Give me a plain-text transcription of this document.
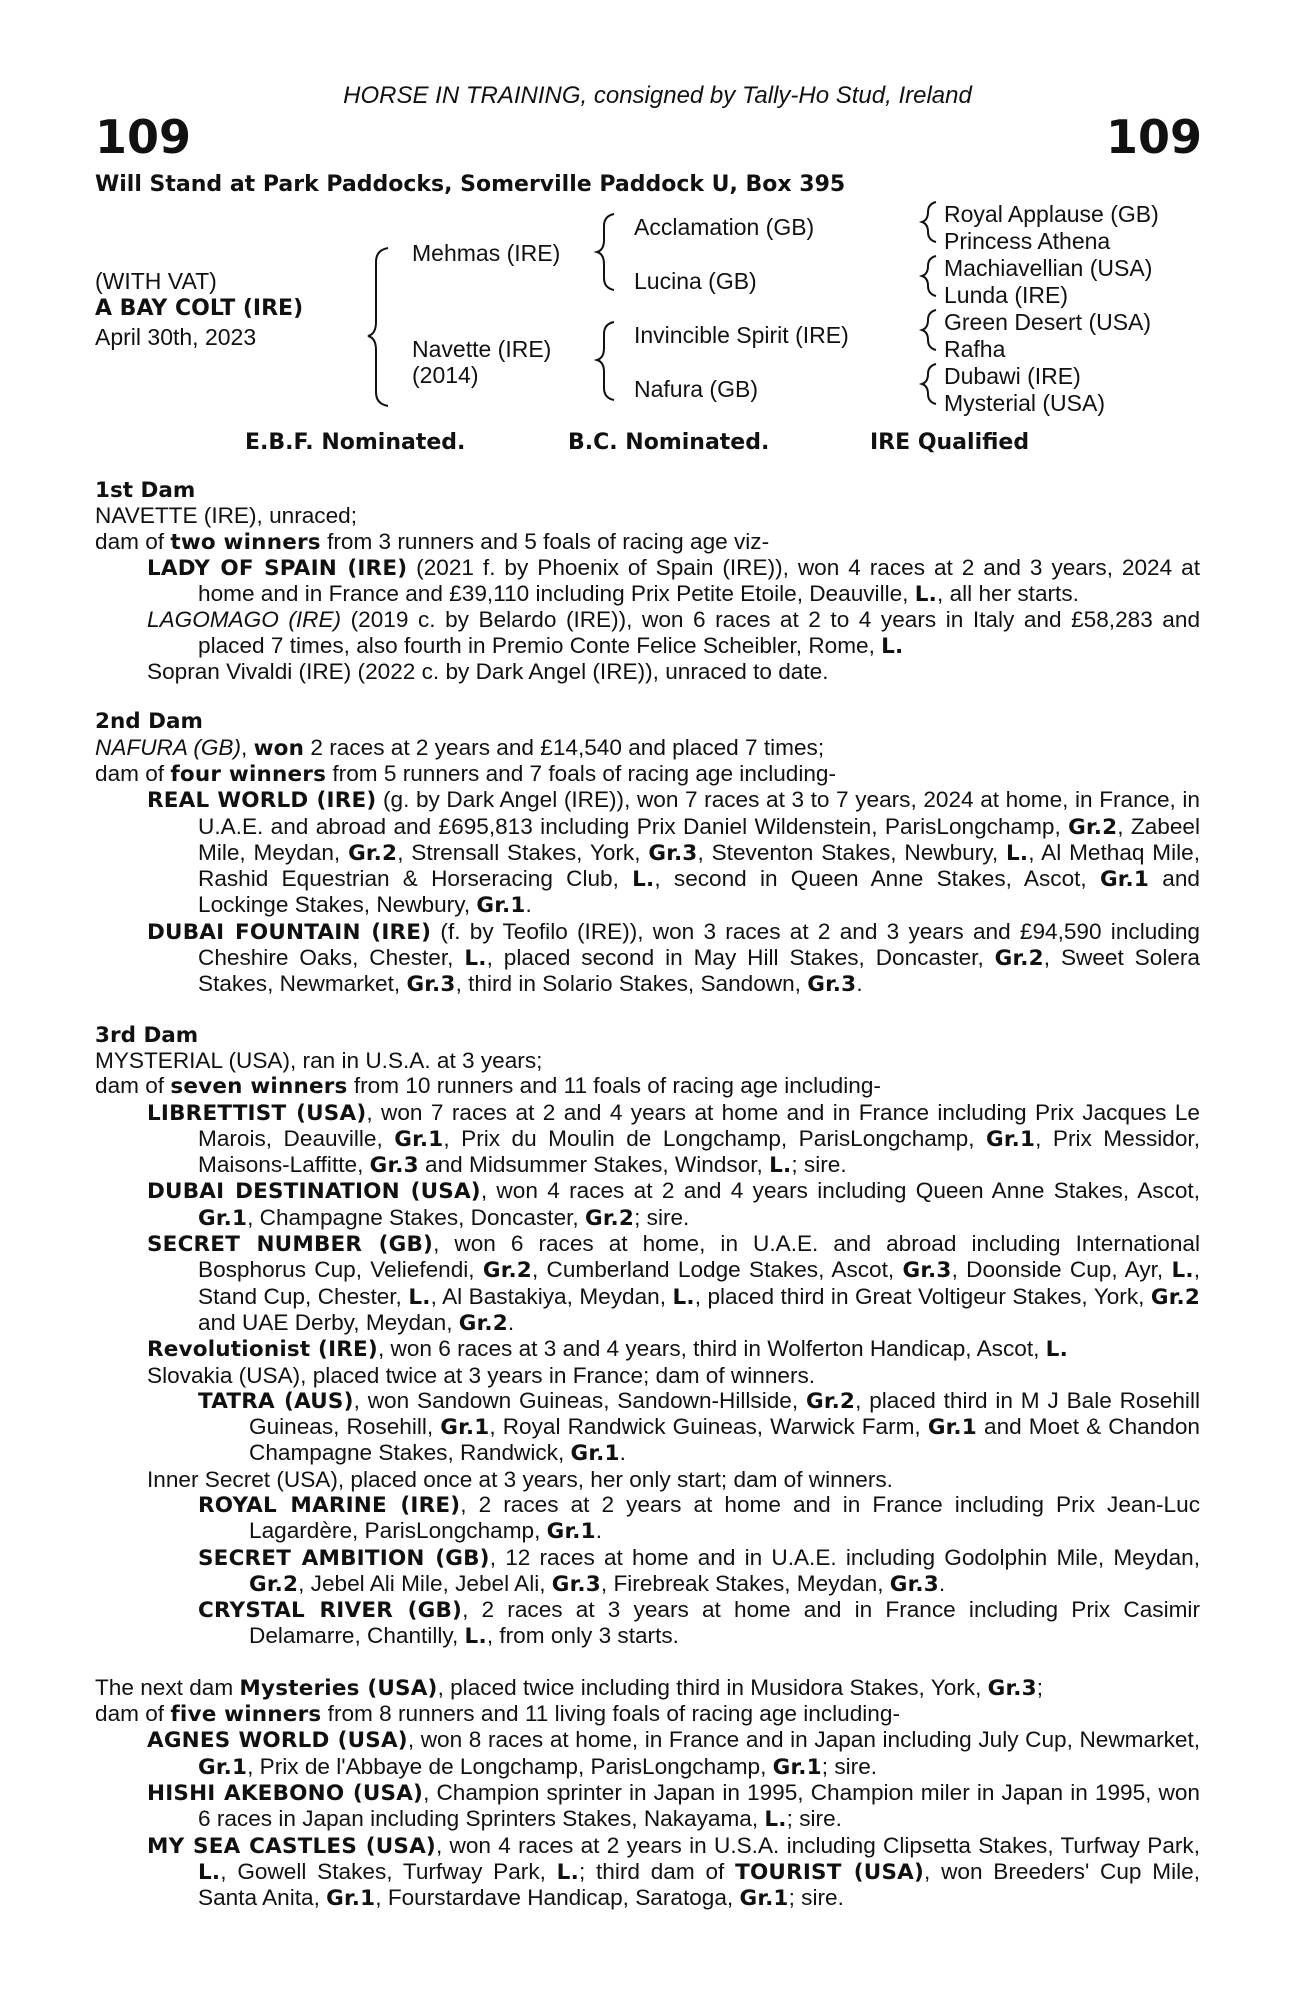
HORSE IN TRAINING, consigned by Tally-Ho Stud, Ireland
109	109
Will Stand at Park Paddocks, Somerville Paddock U, Box 395
(WITH VAT)
A BAY COLT (IRE)
April 30th, 2023
Mehmas (IRE)
Navette (IRE)
(2014)
Acclamation (GB)
Lucina (GB)
Invincible Spirit (IRE)
Nafura (GB)
Royal Applause (GB)
Princess Athena
Machiavellian (USA)
Lunda (IRE)
Green Desert (USA)
Rafha
Dubawi (IRE)
Mysterial (USA)
E.B.F. Nominated.	B.C. Nominated.	IRE Qualified
1st Dam
NAVETTE (IRE), unraced;
dam of two winners from 3 runners and 5 foals of racing age viz-
LADY OF SPAIN (IRE) (2021 f. by Phoenix of Spain (IRE)), won 4 races at 2 and 3 years, 2024 at home and in France and £39,110 including Prix Petite Etoile, Deauville, L., all her starts.
LAGOMAGO (IRE) (2019 c. by Belardo (IRE)), won 6 races at 2 to 4 years in Italy and £58,283 and placed 7 times, also fourth in Premio Conte Felice Scheibler, Rome, L.
Sopran Vivaldi (IRE) (2022 c. by Dark Angel (IRE)), unraced to date.
2nd Dam
NAFURA (GB), won 2 races at 2 years and £14,540 and placed 7 times;
dam of four winners from 5 runners and 7 foals of racing age including-
REAL WORLD (IRE) (g. by Dark Angel (IRE)), won 7 races at 3 to 7 years, 2024 at home, in France, in U.A.E. and abroad and £695,813 including Prix Daniel Wildenstein, ParisLongchamp, Gr.2, Zabeel Mile, Meydan, Gr.2, Strensall Stakes, York, Gr.3, Steventon Stakes, Newbury, L., Al Methaq Mile, Rashid Equestrian & Horseracing Club, L., second in Queen Anne Stakes, Ascot, Gr.1 and Lockinge Stakes, Newbury, Gr.1.
DUBAI FOUNTAIN (IRE) (f. by Teofilo (IRE)), won 3 races at 2 and 3 years and £94,590 including Cheshire Oaks, Chester, L., placed second in May Hill Stakes, Doncaster, Gr.2, Sweet Solera Stakes, Newmarket, Gr.3, third in Solario Stakes, Sandown, Gr.3.
3rd Dam
MYSTERIAL (USA), ran in U.S.A. at 3 years;
dam of seven winners from 10 runners and 11 foals of racing age including-
LIBRETTIST (USA), won 7 races at 2 and 4 years at home and in France including Prix Jacques Le Marois, Deauville, Gr.1, Prix du Moulin de Longchamp, ParisLongchamp, Gr.1, Prix Messidor, Maisons-Laffitte, Gr.3 and Midsummer Stakes, Windsor, L.; sire.
DUBAI DESTINATION (USA), won 4 races at 2 and 4 years including Queen Anne Stakes, Ascot, Gr.1, Champagne Stakes, Doncaster, Gr.2; sire.
SECRET NUMBER (GB), won 6 races at home, in U.A.E. and abroad including International Bosphorus Cup, Veliefendi, Gr.2, Cumberland Lodge Stakes, Ascot, Gr.3, Doonside Cup, Ayr, L., Stand Cup, Chester, L., Al Bastakiya, Meydan, L., placed third in Great Voltigeur Stakes, York, Gr.2 and UAE Derby, Meydan, Gr.2.
Revolutionist (IRE), won 6 races at 3 and 4 years, third in Wolferton Handicap, Ascot, L.
Slovakia (USA), placed twice at 3 years in France; dam of winners.
TATRA (AUS), won Sandown Guineas, Sandown-Hillside, Gr.2, placed third in M J Bale Rosehill Guineas, Rosehill, Gr.1, Royal Randwick Guineas, Warwick Farm, Gr.1 and Moet & Chandon Champagne Stakes, Randwick, Gr.1.
Inner Secret (USA), placed once at 3 years, her only start; dam of winners.
ROYAL MARINE (IRE), 2 races at 2 years at home and in France including Prix Jean-Luc Lagardère, ParisLongchamp, Gr.1.
SECRET AMBITION (GB), 12 races at home and in U.A.E. including Godolphin Mile, Meydan, Gr.2, Jebel Ali Mile, Jebel Ali, Gr.3, Firebreak Stakes, Meydan, Gr.3.
CRYSTAL RIVER (GB), 2 races at 3 years at home and in France including Prix Casimir Delamarre, Chantilly, L., from only 3 starts.
The next dam Mysteries (USA), placed twice including third in Musidora Stakes, York, Gr.3;
dam of five winners from 8 runners and 11 living foals of racing age including-
AGNES WORLD (USA), won 8 races at home, in France and in Japan including July Cup, Newmarket, Gr.1, Prix de l'Abbaye de Longchamp, ParisLongchamp, Gr.1; sire.
HISHI AKEBONO (USA), Champion sprinter in Japan in 1995, Champion miler in Japan in 1995, won 6 races in Japan including Sprinters Stakes, Nakayama, L.; sire.
MY SEA CASTLES (USA), won 4 races at 2 years in U.S.A. including Clipsetta Stakes, Turfway Park, L., Gowell Stakes, Turfway Park, L.; third dam of TOURIST (USA), won Breeders' Cup Mile, Santa Anita, Gr.1, Fourstardave Handicap, Saratoga, Gr.1; sire.
